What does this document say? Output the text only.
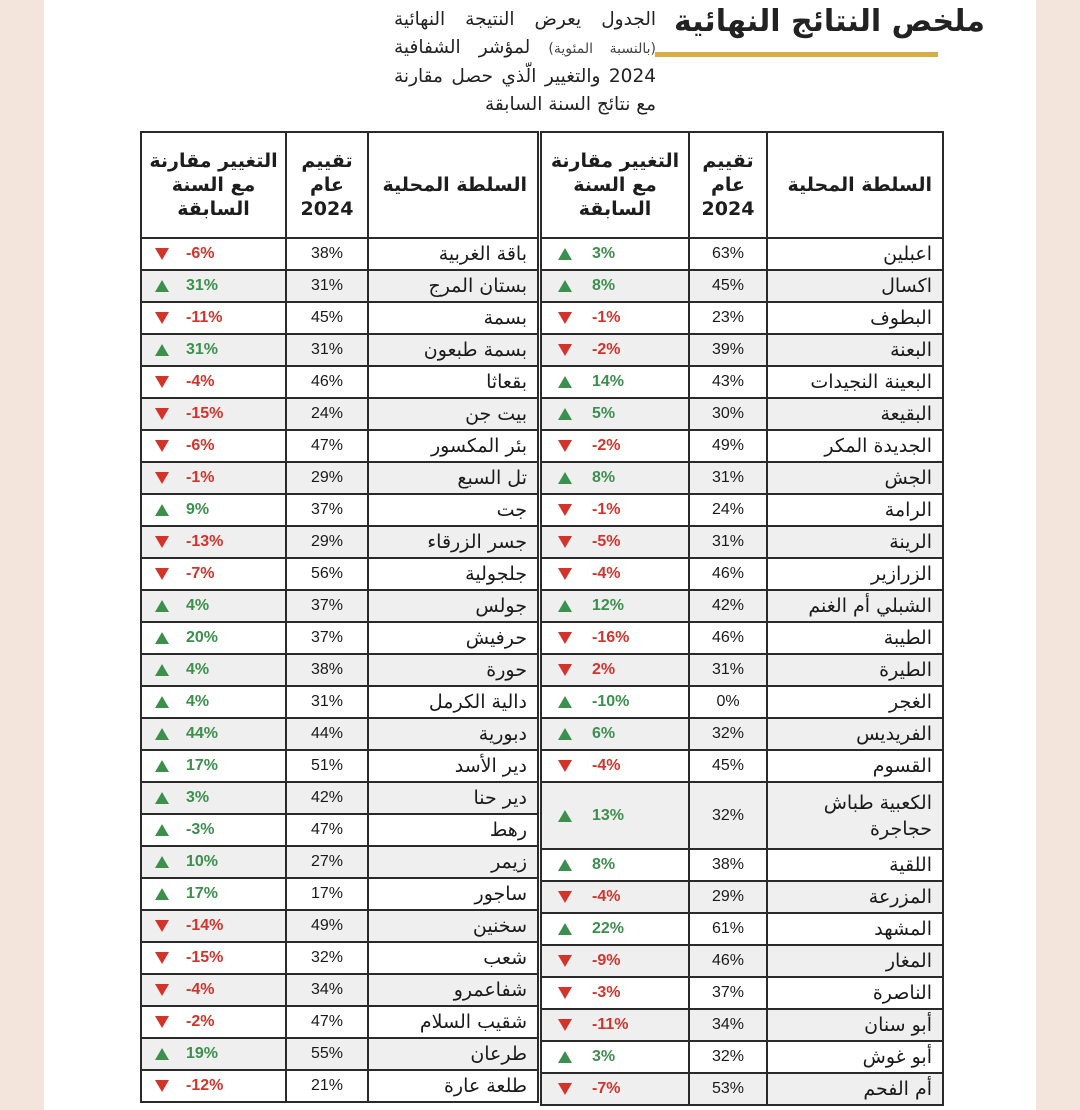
ملخص النتائج النهائية

الجدول يعرض النتيجة النهائية (بالنسبة المئوية) لمؤشر الشفافية 2024 والتغيير الّذي حصل مقارنة مع نتائج السنة السابقة

السلطة المحلية	تقييم عام 2024	التغيير مقارنة مع السنة السابقة
اعبلين	63%	3%

اكسال	45%	8%

البطوف	23%	-1%

البعنة	39%	-2%

البعينة النجيدات	43%	14%

البقيعة	30%	5%

الجديدة المكر	49%	-2%

الجش	31%	8%

الرامة	24%	-1%

الرينة	31%	-5%

الزرازير	46%	-4%

الشبلي أم الغنم	42%	12%

الطيبة	46%	-16%

الطيرة	31%	2%

الغجر	0%	-10%

الفريديس	32%	6%

القسوم	45%	-4%

الكعبية طباش حجاجرة	32%	13%

اللقية	38%	8%

المزرعة	29%	-4%

المشهد	61%	22%

المغار	46%	-9%

الناصرة	37%	-3%

أبو سنان	34%	-11%

أبو غوش	32%	3%

أم الفحم	53%	-7%
السلطة المحلية	تقييم عام 2024	التغيير مقارنة مع السنة السابقة
باقة الغربية	38%	-6%

بستان المرج	31%	31%

بسمة	45%	-11%

بسمة طبعون	31%	31%

بقعاثا	46%	-4%

بيت جن	24%	-15%

بئر المكسور	47%	-6%

تل السبع	29%	-1%

جت	37%	9%

جسر الزرقاء	29%	-13%

جلجولية	56%	-7%

جولس	37%	4%

حرفيش	37%	20%

حورة	38%	4%

دالية الكرمل	31%	4%

دبورية	44%	44%

دير الأسد	51%	17%

دير حنا	42%	3%

رهط	47%	-3%

زيمر	27%	10%

ساجور	17%	17%

سخنين	49%	-14%

شعب	32%	-15%

شفاعمرو	34%	-4%

شقيب السلام	47%	-2%

طرعان	55%	19%

طلعة عارة	21%	-12%
